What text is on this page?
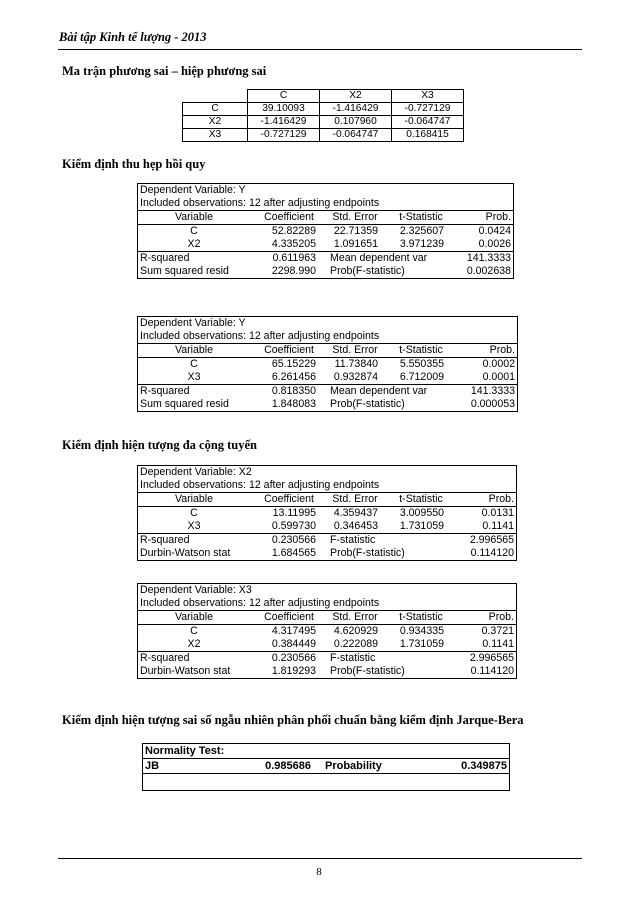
Bài tập Kinh tế lượng - 2013
Ma trận phương sai – hiệp phương sai
	C	X2	X3
C	39.10093	-1.416429	-0.727129
X2	-1.416429	0.107960	-0.064747
X3	-0.727129	-0.064747	0.168415
Kiểm định thu hẹp hồi quy
Dependent Variable: Y
Included observations: 12 after adjusting endpoints
Variable	Coefficient	Std. Error	t-Statistic	Prob.
C	52.82289	22.71359	2.325607	0.0424
X2	4.335205	1.091651	3.971239	0.0026
R-squared	0.611963 Mean dependent var	141.3333
Sum squared resid	2298.990 Prob(F-statistic)	0.002638
Dependent Variable: Y
Included observations: 12 after adjusting endpoints
Variable	Coefficient	Std. Error	t-Statistic	Prob.
C	65.15229	11.73840	5.550355	0.0002
X3	6.261456	0.932874	6.712009	0.0001
R-squared	0.818350 Mean dependent var	141.3333
Sum squared resid	1.848083 Prob(F-statistic)	0.000053
Dependent Variable: X2
Included observations: 12 after adjusting endpoints
Variable	Coefficient	Std. Error	t-Statistic	Prob.
C	13.11995	4.359437	3.009550	0.0131
X3	0.599730	0.346453	1.731059	0.1141
R-squared	0.230566 F-statistic	2.996565
Durbin-Watson stat	1.684565 Prob(F-statistic)	0.114120
Dependent Variable: X3
Included observations: 12 after adjusting endpoints
Variable	Coefficient	Std. Error	t-Statistic	Prob.
C	4.317495	4.620929	0.934335	0.3721
X2	0.384449	0.222089	1.731059	0.1141
R-squared	0.230566 F-statistic	2.996565
Durbin-Watson stat	1.819293 Prob(F-statistic)	0.114120
Kiểm định hiện tượng đa cộng tuyến
Kiểm định hiện tượng sai số ngẫu nhiên phân phối chuẩn bằng kiểm định Jarque-Bera
Normality Test:
JB	0.985686 Probability	0.349875
8
